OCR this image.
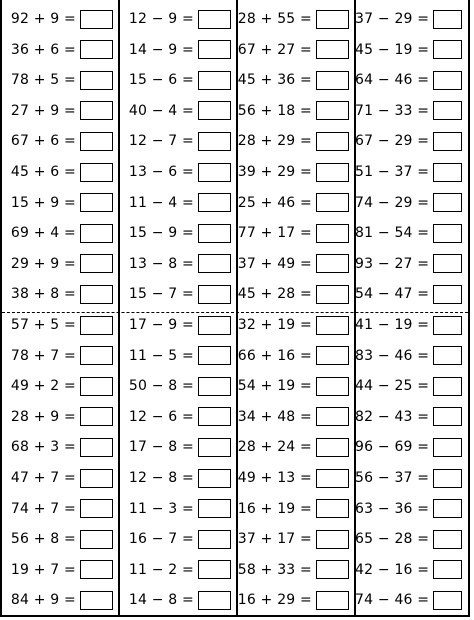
92 + 9 =
36 + 6 =
78 + 5 =
27 + 9 =
67 + 6 =
45 + 6 =
15 + 9 =
69 + 4 =
29 + 9 =
38 + 8 =
57 + 5 =
78 + 7 =
49 + 2 =
28 + 9 =
68 + 3 =
47 + 7 =
74 + 7 =
56 + 8 =
19 + 7 =
84 + 9 =
12 − 9 =
14 − 9 =
15 − 6 =
40 − 4 =
12 − 7 =
13 − 6 =
11 − 4 =
15 − 9 =
13 − 8 =
15 − 7 =
17 − 9 =
11 − 5 =
50 − 8 =
12 − 6 =
17 − 8 =
12 − 8 =
11 − 3 =
16 − 7 =
11 − 2 =
14 − 8 =
28 + 55 =
67 + 27 =
45 + 36 =
56 + 18 =
28 + 29 =
39 + 29 =
25 + 46 =
77 + 17 =
37 + 49 =
45 + 28 =
32 + 19 =
66 + 16 =
54 + 19 =
34 + 48 =
28 + 24 =
49 + 13 =
16 + 19 =
37 + 17 =
58 + 33 =
16 + 29 =
37 − 29 =
45 − 19 =
64 − 46 =
71 − 33 =
67 − 29 =
51 − 37 =
74 − 29 =
81 − 54 =
93 − 27 =
54 − 47 =
41 − 19 =
83 − 46 =
44 − 25 =
82 − 43 =
96 − 69 =
56 − 37 =
63 − 36 =
65 − 28 =
42 − 16 =
74 − 46 =
